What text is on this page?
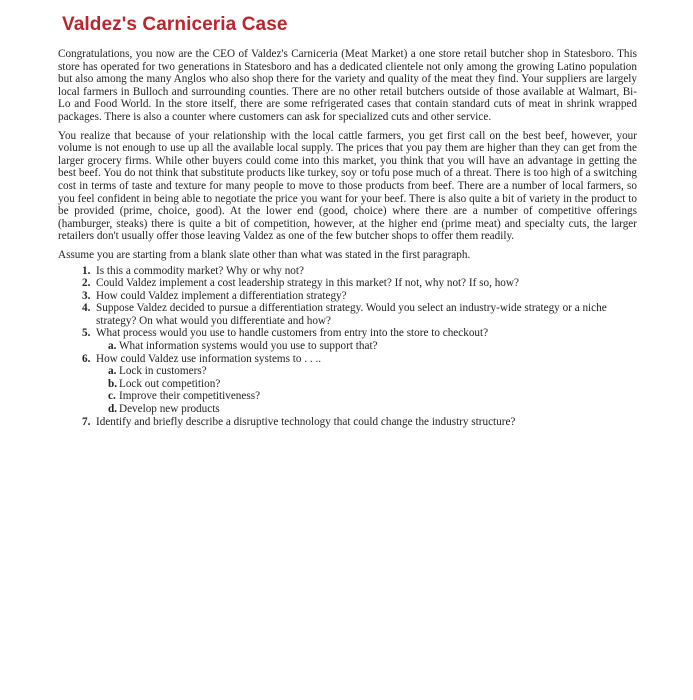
Valdez's Carniceria Case

Congratulations, you now are the CEO of Valdez's Carniceria (Meat Market) a one store retail butcher shop in Statesboro. This store has operated for two generations in Statesboro and has a dedicated clientele not only among the growing Latino population but also among the many Anglos who also shop there for the variety and quality of the meat they find. Your suppliers are largely local farmers in Bulloch and surrounding counties. There are no other retail butchers outside of those available at Walmart, Bi-Lo and Food World. In the store itself, there are some refrigerated cases that contain standard cuts of meat in shrink wrapped packages. There is also a counter where customers can ask for specialized cuts and other service.

You realize that because of your relationship with the local cattle farmers, you get first call on the best beef, however, your volume is not enough to use up all the available local supply. The prices that you pay them are higher than they can get from the larger grocery firms. While other buyers could come into this market, you think that you will have an advantage in getting the best beef. You do not think that substitute products like turkey, soy or tofu pose much of a threat. There is too high of a switching cost in terms of taste and texture for many people to move to those products from beef. There are a number of local farmers, so you feel confident in being able to negotiate the price you want for your beef. There is also quite a bit of variety in the product to be provided (prime, choice, good). At the lower end (good, choice) where there are a number of competitive offerings (hamburger, steaks) there is quite a bit of competition, however, at the higher end (prime meat) and specialty cuts, the larger retailers don't usually offer those leaving Valdez as one of the few butcher shops to offer them readily.

Assume you are starting from a blank slate other than what was stated in the first paragraph.

1. Is this a commodity market? Why or why not?
2. Could Valdez implement a cost leadership strategy in this market? If not, why not? If so, how?
3. How could Valdez implement a differentiation strategy?
4. Suppose Valdez decided to pursue a differentiation strategy. Would you select an industry-wide strategy or a niche strategy? On what would you differentiate and how?
5. What process would you use to handle customers from entry into the store to checkout?
a. What information systems would you use to support that?
6. How could Valdez use information systems to . . ..
a. Lock in customers?
b. Lock out competition?
c. Improve their competitiveness?
d. Develop new products
7. Identify and briefly describe a disruptive technology that could change the industry structure?
